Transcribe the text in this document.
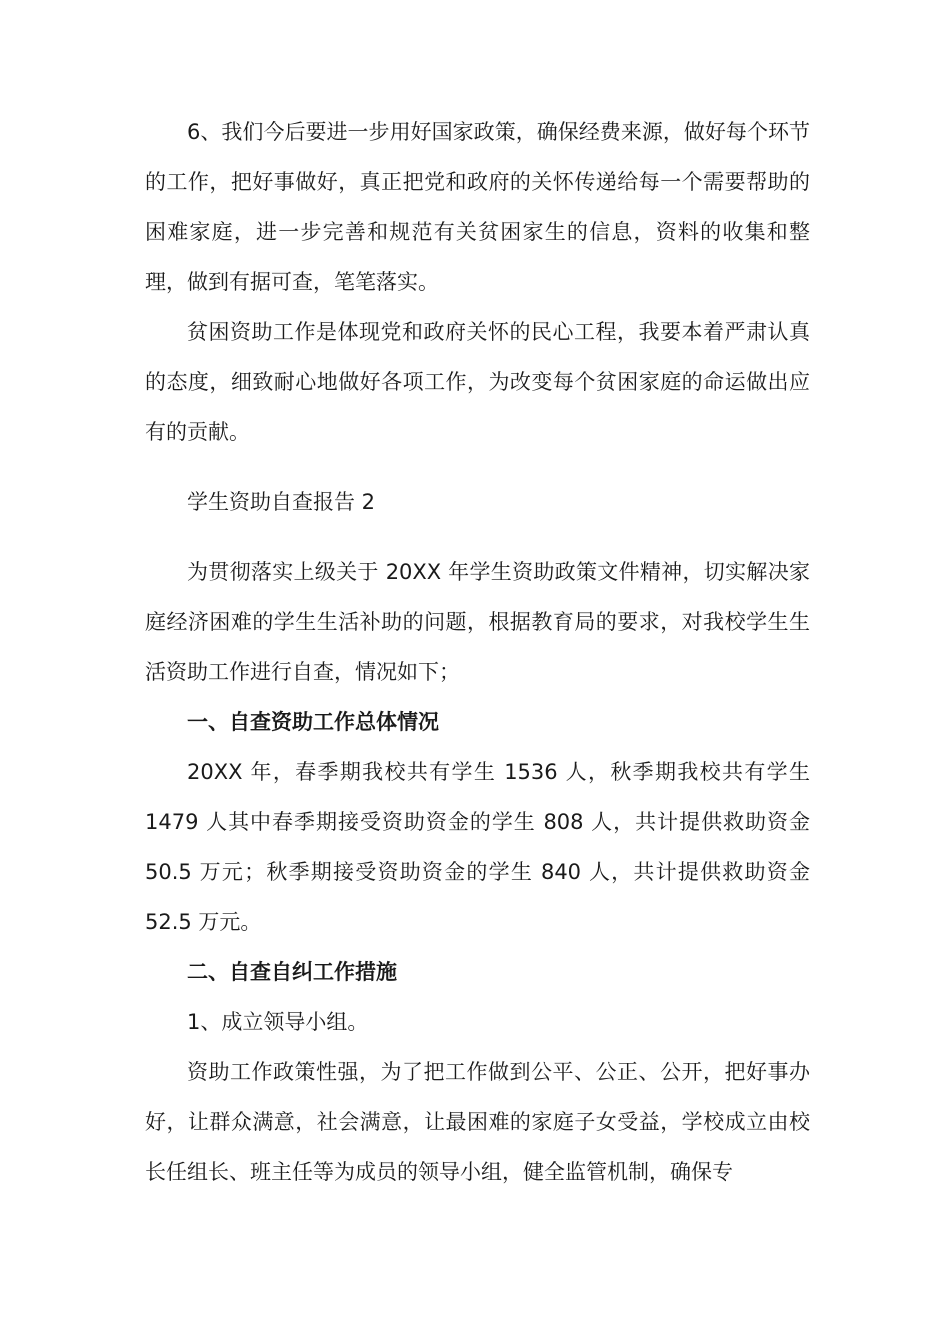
6、我们今后要进一步用好国家政策，确保经费来源，做好每个环节的工作，把好事做好，真正把党和政府的关怀传递给每一个需要帮助的困难家庭，进一步完善和规范有关贫困家生的信息，资料的收集和整理，做到有据可查，笔笔落实。

贫困资助工作是体现党和政府关怀的民心工程，我要本着严肃认真的态度，细致耐心地做好各项工作，为改变每个贫困家庭的命运做出应有的贡献。

学生资助自查报告 2

为贯彻落实上级关于 20XX 年学生资助政策文件精神，切实解决家庭经济困难的学生生活补助的问题，根据教育局的要求，对我校学生生活资助工作进行自查，情况如下；

一、自查资助工作总体情况

20XX 年，春季期我校共有学生 1536 人，秋季期我校共有学生 1479 人其中春季期接受资助资金的学生 808 人，共计提供救助资金 50.5 万元；秋季期接受资助资金的学生 840 人，共计提供救助资金 52.5 万元。

二、自查自纠工作措施

1、成立领导小组。

资助工作政策性强，为了把工作做到公平、公正、公开，把好事办好，让群众满意，社会满意，让最困难的家庭子女受益，学校成立由校长任组长、班主任等为成员的领导小组，健全监管机制，确保专
